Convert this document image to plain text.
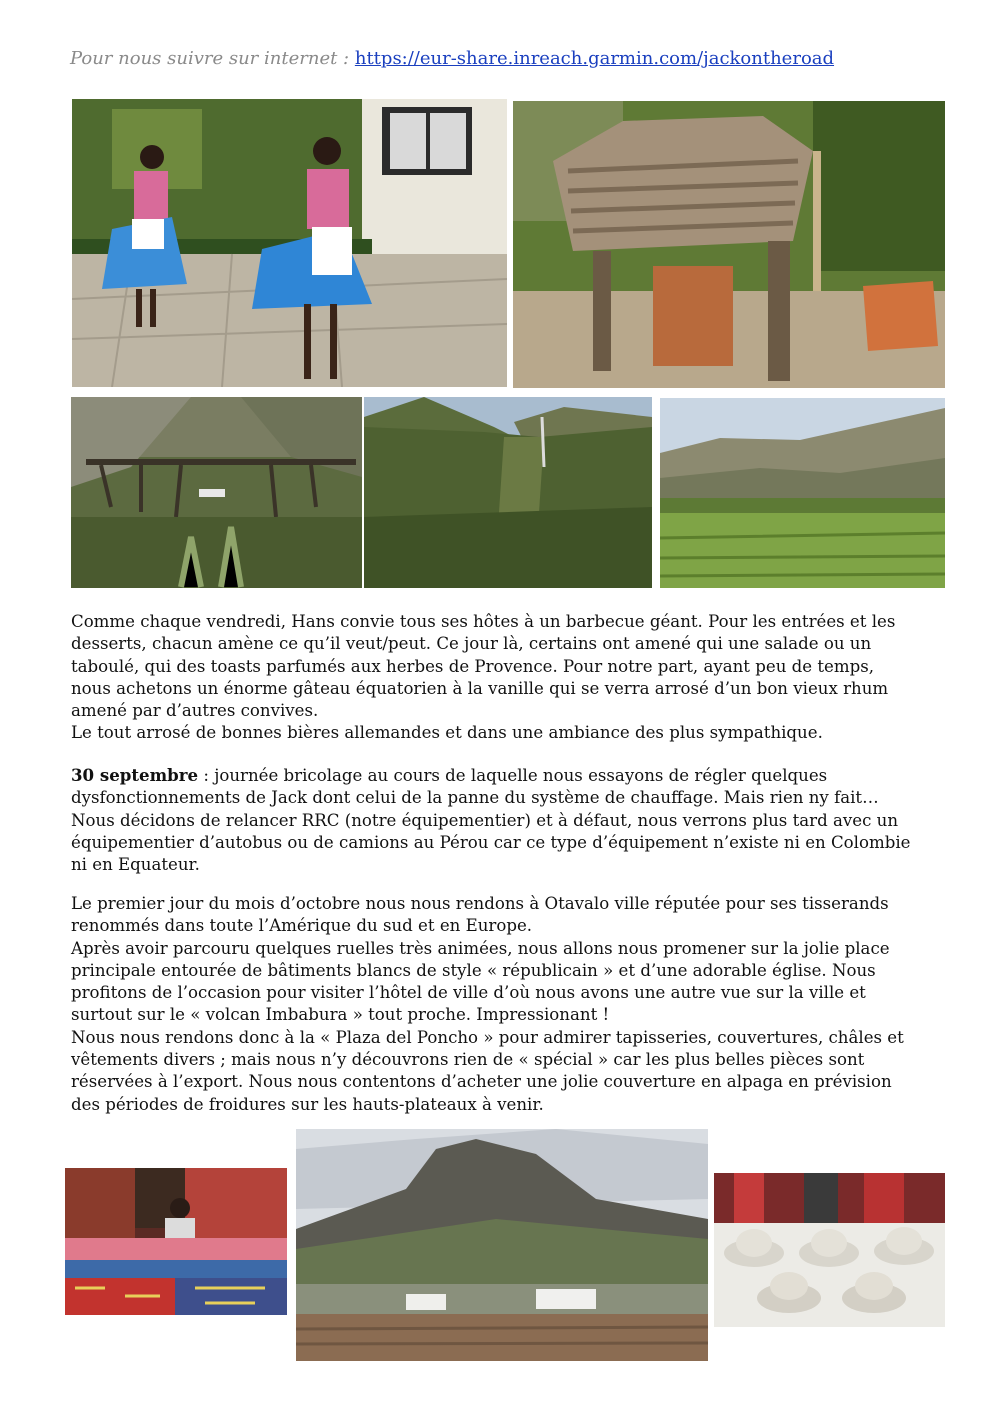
Pour nous suivre sur internet : https://eur-share.inreach.garmin.com/jackontheroad

Comme chaque vendredi, Hans convie tous ses hôtes à un barbecue géant. Pour les entrées et les

desserts, chacun amène ce qu’il veut/peut. Ce jour là, certains ont amené qui une salade ou un

taboulé, qui des toasts parfumés aux herbes de Provence. Pour notre part, ayant peu de temps,

nous achetons un énorme gâteau équatorien à la vanille qui se verra arrosé d’un bon vieux rhum

amené par d’autres convives.

Le tout arrosé de bonnes bières allemandes et dans une ambiance des plus sympathique.

30 septembre : journée bricolage au cours de laquelle nous essayons de régler quelques

dysfonctionnements de Jack dont celui de la panne du système de chauffage. Mais rien ny fait…

Nous décidons de relancer RRC (notre équipementier) et à défaut, nous verrons plus tard avec un

équipementier d’autobus ou de camions au Pérou car ce type d’équipement n’existe ni en Colombie

ni en Equateur.

Le premier jour du mois d’octobre nous nous rendons à Otavalo ville réputée pour ses tisserands

renommés dans toute l’Amérique du sud et en Europe.

Après avoir parcouru quelques ruelles très animées, nous allons nous promener sur la jolie place

principale entourée de bâtiments blancs de style « républicain » et d’une adorable église. Nous

profitons de l’occasion pour visiter l’hôtel de ville d’où nous avons une autre vue sur la ville et

surtout sur le « volcan Imbabura » tout proche. Impressionant !

Nous nous rendons donc à la « Plaza del Poncho » pour admirer tapisseries, couvertures, châles et

vêtements divers ; mais nous n’y découvrons rien de « spécial » car les plus belles pièces sont

réservées à l’export. Nous nous contentons d’acheter une jolie couverture en alpaga en prévision

des périodes de froidures sur les hauts-plateaux à venir.
